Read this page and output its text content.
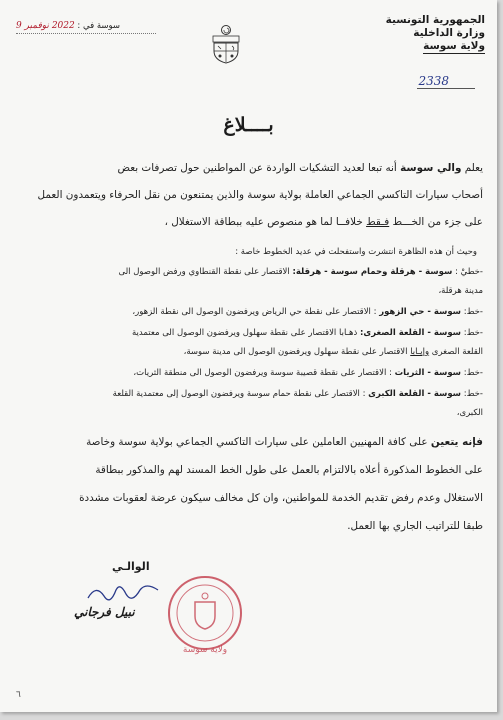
الجمهورية التونسية
وزارة الداخلية
ولاية سوسة
2338
سوسة في : 2022 نوفمبر 9
بــــلاغ
يعلم والي سوسة أنه تبعا لعديد التشكيات الواردة عن المواطنين حول تصرفات بعض
أصحاب سيارات التاكسي الجماعي العاملة بولاية سوسة والذين يمتنعون من نقل الحرفاء ويتعمدون العمل
على جزء من الخـــط فـقط خلافــا لما هو منصوص عليه ببطاقة الاستغلال ،
وحيث أن هذه الظاهرة انتشرت واستفحلت في عديد الخطوط خاصة :
-خطيْ : سوسة - هرقلة وحمام سوسة - هرقلة: الاقتصار على نقطة القنطاوي ورفض الوصول الى
مدينة هرقلة،
-خط: سوسة - حي الزهور : الاقتصار على نقطة حي الرياض ويرفضون الوصول الى نقطة الزهور،
-خط: سوسة - القلعة الصغرى: ذهـابا الاقتصار على نقطة سهلول ويرفضون الوصول الى معتمدية
القلعة الصغرى وإيـابا الاقتصار على نقطة سهلول ويرفضون الوصول الى مدينة سوسة،
-خط: سوسة - الثريات : الاقتصار على نقطة قصيبة سوسة ويرفضون الوصول الى منطقة الثريات،
-خط: سوسة - القلعة الكبرى : الاقتصار على نقطة حمام سوسة ويرفضون الوصول إلى معتمدية القلعة
الكبرى،
فإنه يتعين على كافة المهنيين العاملين على سيارات التاكسي الجماعي بولاية سوسة وخاصة
على الخطوط المذكورة أعلاه بالالتزام بالعمل على طول الخط المسند لهم والمذكور ببطاقة
الاستغلال وعدم رفض تقديم الخدمة للمواطنين، وان كل مخالف سيكون عرضة لعقوبات مشددة
طبقا للتراتيب الجاري بها العمل.
ولاية سوسة
الوالـي
نبيل فرجاني
٦
